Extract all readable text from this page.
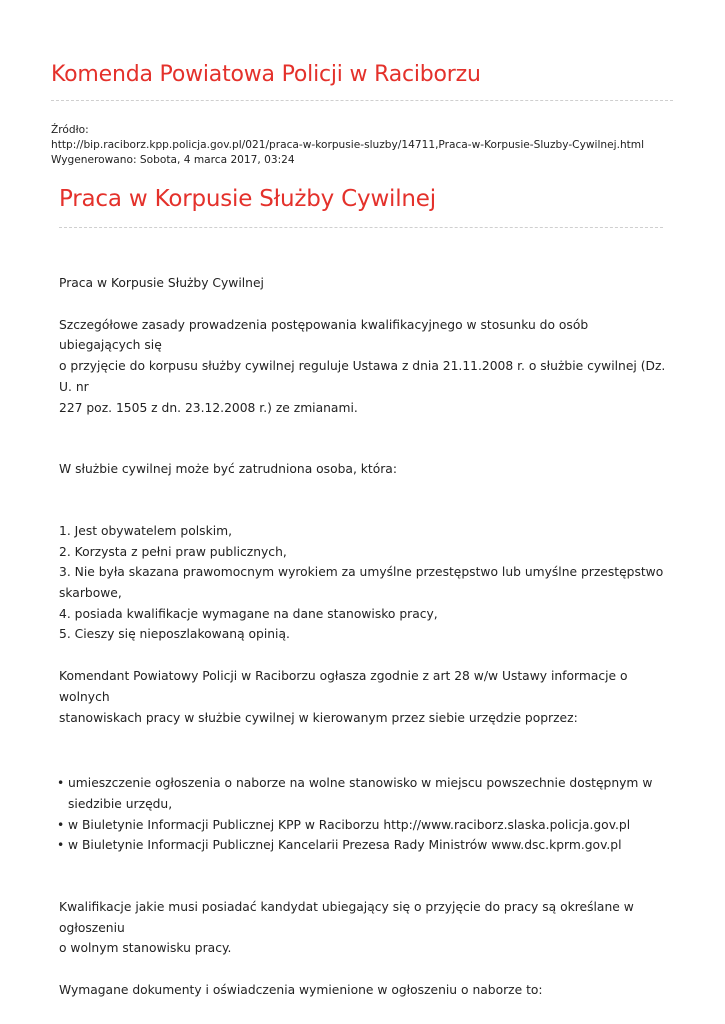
Komenda Powiatowa Policji w Raciborzu
Źródło:
http://bip.raciborz.kpp.policja.gov.pl/021/praca-w-korpusie-sluzby/14711,Praca-w-Korpusie-Sluzby-Cywilnej.html
Wygenerowano: Sobota, 4 marca 2017, 03:24
Praca w Korpusie Służby Cywilnej

Praca w Korpusie Służby Cywilnej

Szczegółowe zasady prowadzenia postępowania kwalifikacyjnego w stosunku do osób ubiegających się
o przyjęcie do korpusu służby cywilnej reguluje Ustawa z dnia 21.11.2008 r. o służbie cywilnej (Dz. U. nr
227 poz. 1505 z dn. 23.12.2008 r.) ze zmianami.

W służbie cywilnej może być zatrudniona osoba, która:

1. Jest obywatelem polskim,
2. Korzysta z pełni praw publicznych,
3. Nie była skazana prawomocnym wyrokiem za umyślne przestępstwo lub umyślne przestępstwo
skarbowe,
4. posiada kwalifikacje wymagane na dane stanowisko pracy,
5. Cieszy się nieposzlakowaną opinią.

Komendant Powiatowy Policji w Raciborzu ogłasza zgodnie z art 28 w/w Ustawy informacje o wolnych
stanowiskach pracy w służbie cywilnej w kierowanym przez siebie urzędzie poprzez:

• umieszczenie ogłoszenia o naborze na wolne stanowisko w miejscu powszechnie dostępnym w
siedzibie urzędu,
• w Biuletynie Informacji Publicznej KPP w Raciborzu http://www.raciborz.slaska.policja.gov.pl
• w Biuletynie Informacji Publicznej Kancelarii Prezesa Rady Ministrów www.dsc.kprm.gov.pl

Kwalifikacje jakie musi posiadać kandydat ubiegający się o przyjęcie do pracy są określane w ogłoszeniu
o wolnym stanowisku pracy.

Wymagane dokumenty i oświadczenia wymienione w ogłoszeniu o naborze to:
